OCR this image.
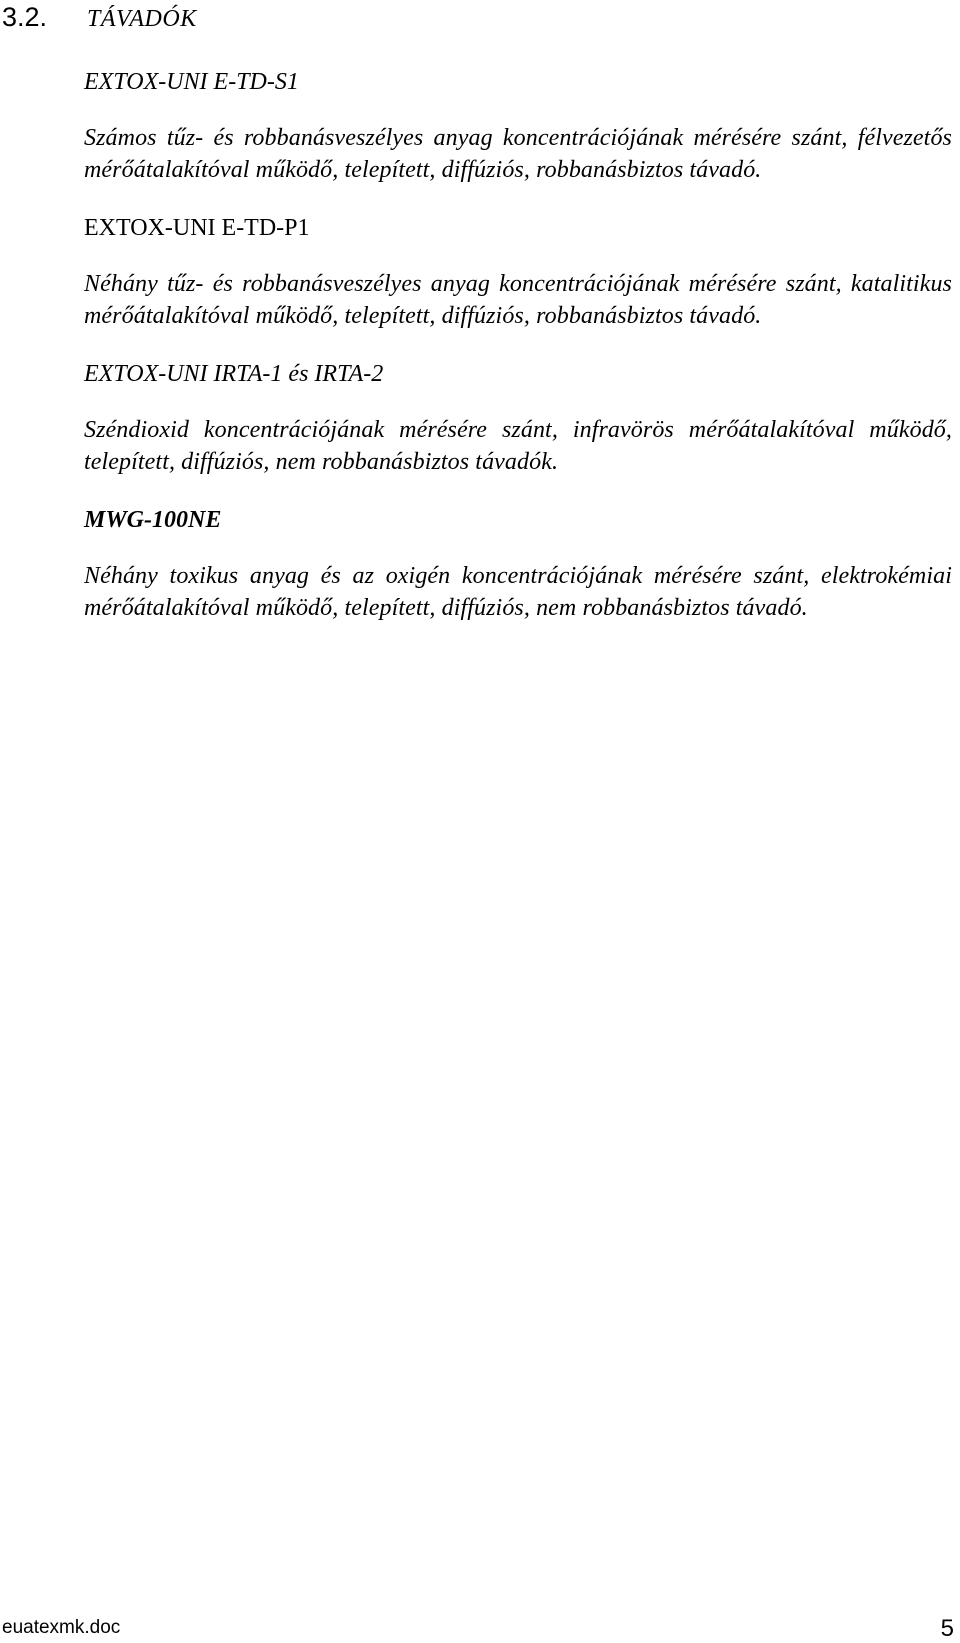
3.2. TÁVADÓK
EXTOX-UNI E-TD-S1

Számos tűz- és robbanásveszélyes anyag koncentrációjának mérésére szánt, félvezetős mérőátalakítóval működő, telepített, diffúziós, robbanásbiztos távadó.

EXTOX-UNI E-TD-P1

Néhány tűz- és robbanásveszélyes anyag koncentrációjának mérésére szánt, katalitikus mérőátalakítóval működő, telepített, diffúziós, robbanásbiztos távadó.

EXTOX-UNI IRTA-1 és IRTA-2

Széndioxid koncentrációjának mérésére szánt, infravörös mérőátalakítóval működő, telepített, diffúziós, nem robbanásbiztos távadók.

MWG-100NE

Néhány toxikus anyag és az oxigén koncentrációjának mérésére szánt, elektrokémiai mérőátalakítóval működő, telepített, diffúziós, nem robbanásbiztos távadó.

euatexmk.doc	5
